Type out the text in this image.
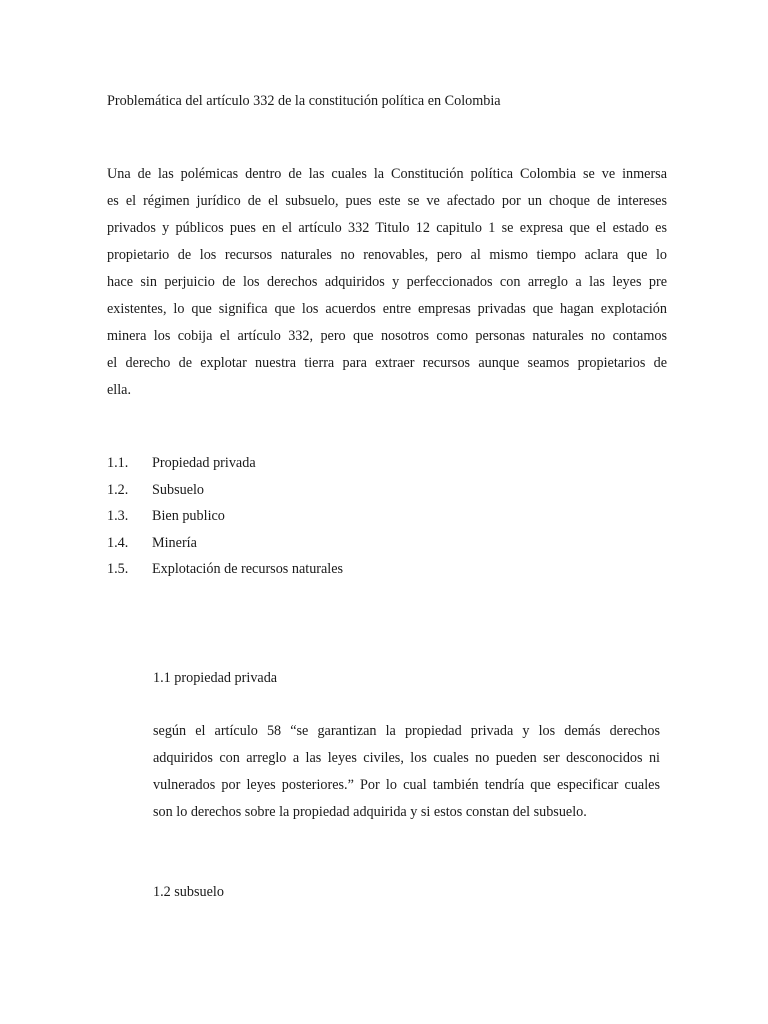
Problemática del artículo 332 de la constitución política en Colombia
Una de las polémicas dentro de las cuales la Constitución política Colombia se ve inmersa
es el régimen jurídico de el subsuelo, pues este se ve afectado por un choque de intereses
privados y públicos pues en el artículo 332 Titulo 12 capitulo 1 se expresa que el estado es
propietario de los recursos naturales no renovables, pero al mismo tiempo aclara que lo
hace sin perjuicio de los derechos adquiridos y perfeccionados con arreglo a las leyes pre
existentes, lo que significa que los acuerdos entre empresas privadas que hagan explotación
minera los cobija el artículo 332, pero que nosotros como personas naturales no contamos
el derecho de explotar nuestra tierra para extraer recursos aunque seamos propietarios de
ella.
1.1. Propiedad privada
1.2. Subsuelo
1.3. Bien publico
1.4. Minería
1.5. Explotación de recursos naturales
1.1 propiedad privada
según el artículo 58 “se garantizan la propiedad privada y los demás derechos
adquiridos con arreglo a las leyes civiles, los cuales no pueden ser desconocidos ni
vulnerados por leyes posteriores.” Por lo cual también tendría que especificar cuales
son lo derechos sobre la propiedad adquirida y si estos constan del subsuelo.
1.2 subsuelo
